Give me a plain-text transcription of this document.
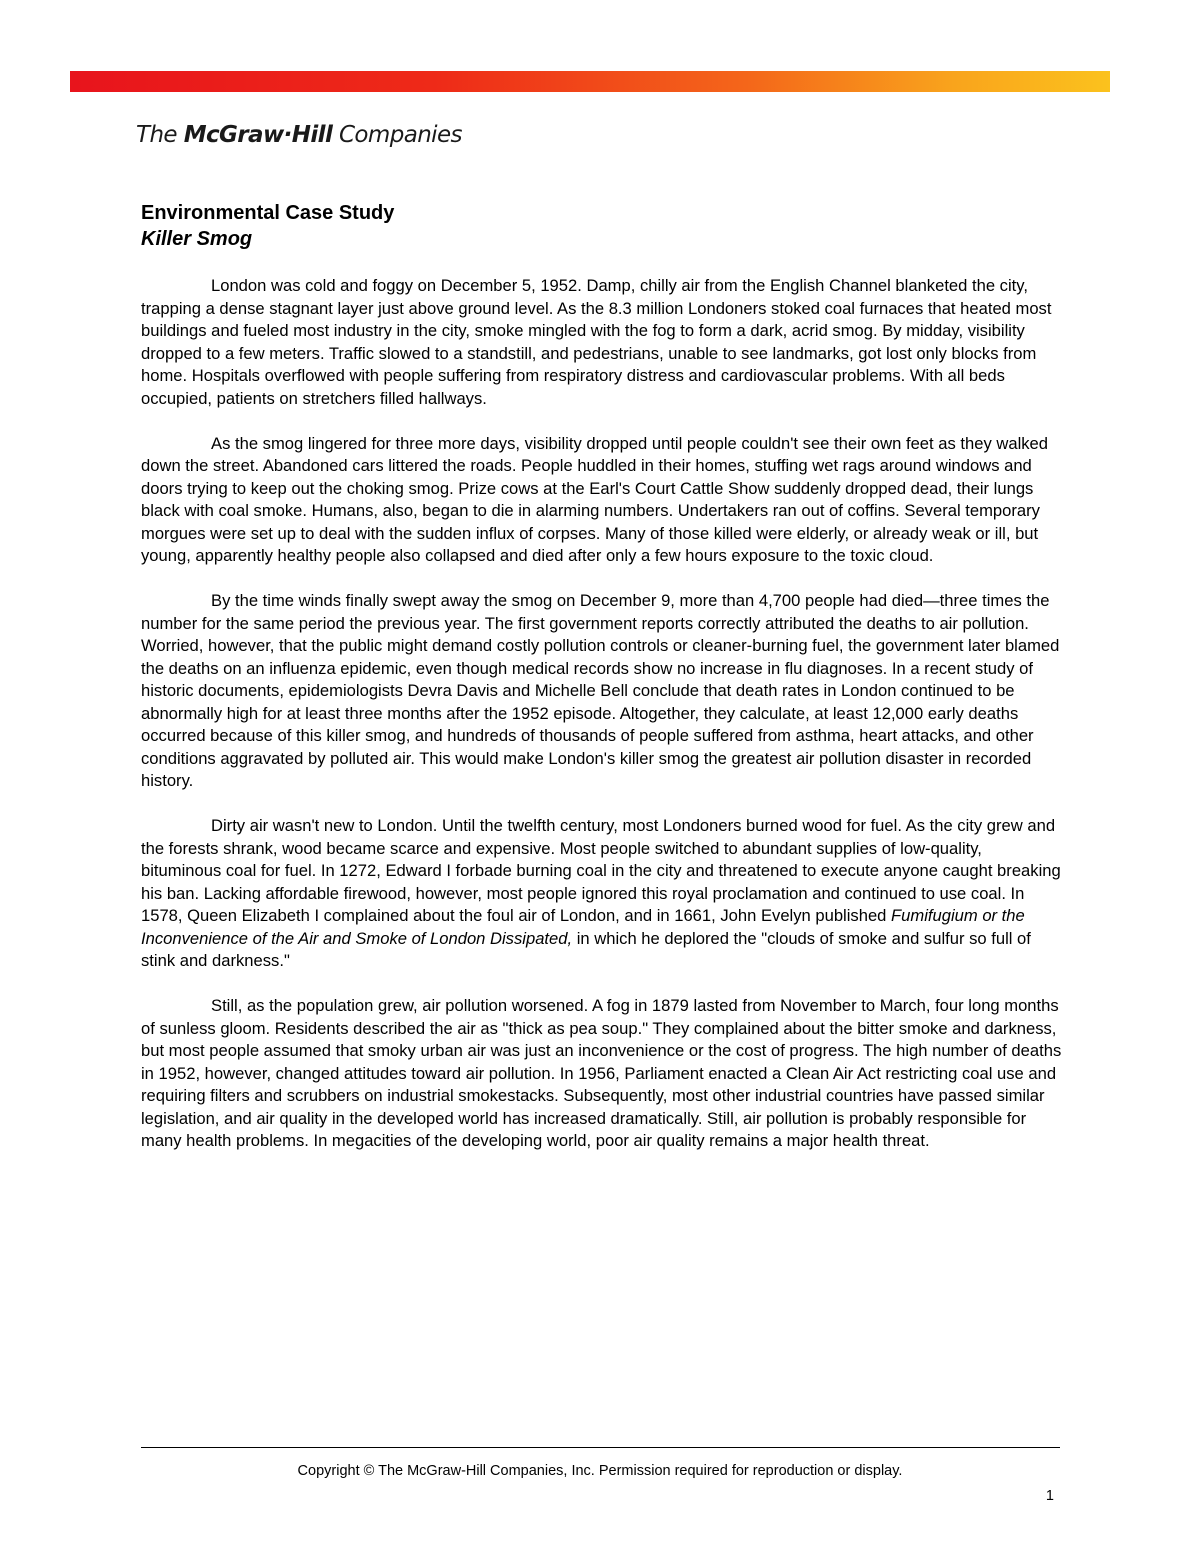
The McGraw·Hill Companies
Environmental Case Study
Killer Smog

London was cold and foggy on December 5, 1952. Damp, chilly air from the English Channel blanketed the city, trapping a dense stagnant layer just above ground level. As the 8.3 million Londoners stoked coal furnaces that heated most buildings and fueled most industry in the city, smoke mingled with the fog to form a dark, acrid smog. By midday, visibility dropped to a few meters. Traffic slowed to a standstill, and pedestrians, unable to see landmarks, got lost only blocks from home. Hospitals overflowed with people suffering from respiratory distress and cardiovascular problems. With all beds occupied, patients on stretchers filled hallways.

As the smog lingered for three more days, visibility dropped until people couldn't see their own feet as they walked down the street. Abandoned cars littered the roads. People huddled in their homes, stuffing wet rags around windows and doors trying to keep out the choking smog. Prize cows at the Earl's Court Cattle Show suddenly dropped dead, their lungs black with coal smoke. Humans, also, began to die in alarming numbers. Undertakers ran out of coffins. Several temporary morgues were set up to deal with the sudden influx of corpses. Many of those killed were elderly, or already weak or ill, but young, apparently healthy people also collapsed and died after only a few hours exposure to the toxic cloud.

By the time winds finally swept away the smog on December 9, more than 4,700 people had died—three times the number for the same period the previous year. The first government reports correctly attributed the deaths to air pollution. Worried, however, that the public might demand costly pollution controls or cleaner-burning fuel, the government later blamed the deaths on an influenza epidemic, even though medical records show no increase in flu diagnoses. In a recent study of historic documents, epidemiologists Devra Davis and Michelle Bell conclude that death rates in London continued to be abnormally high for at least three months after the 1952 episode. Altogether, they calculate, at least 12,000 early deaths occurred because of this killer smog, and hundreds of thousands of people suffered from asthma, heart attacks, and other conditions aggravated by polluted air. This would make London's killer smog the greatest air pollution disaster in recorded history.

Dirty air wasn't new to London. Until the twelfth century, most Londoners burned wood for fuel. As the city grew and the forests shrank, wood became scarce and expensive. Most people switched to abundant supplies of low-quality, bituminous coal for fuel. In 1272, Edward I forbade burning coal in the city and threatened to execute anyone caught breaking his ban. Lacking affordable firewood, however, most people ignored this royal proclamation and continued to use coal. In 1578, Queen Elizabeth I complained about the foul air of London, and in 1661, John Evelyn published Fumifugium or the Inconvenience of the Air and Smoke of London Dissipated, in which he deplored the "clouds of smoke and sulfur so full of stink and darkness."

Still, as the population grew, air pollution worsened. A fog in 1879 lasted from November to March, four long months of sunless gloom. Residents described the air as "thick as pea soup." They complained about the bitter smoke and darkness, but most people assumed that smoky urban air was just an inconvenience or the cost of progress. The high number of deaths in 1952, however, changed attitudes toward air pollution. In 1956, Parliament enacted a Clean Air Act restricting coal use and requiring filters and scrubbers on industrial smokestacks. Subsequently, most other industrial countries have passed similar legislation, and air quality in the developed world has increased dramatically. Still, air pollution is probably responsible for many health problems. In megacities of the developing world, poor air quality remains a major health threat.

Copyright © The McGraw-Hill Companies, Inc. Permission required for reproduction or display.
1
